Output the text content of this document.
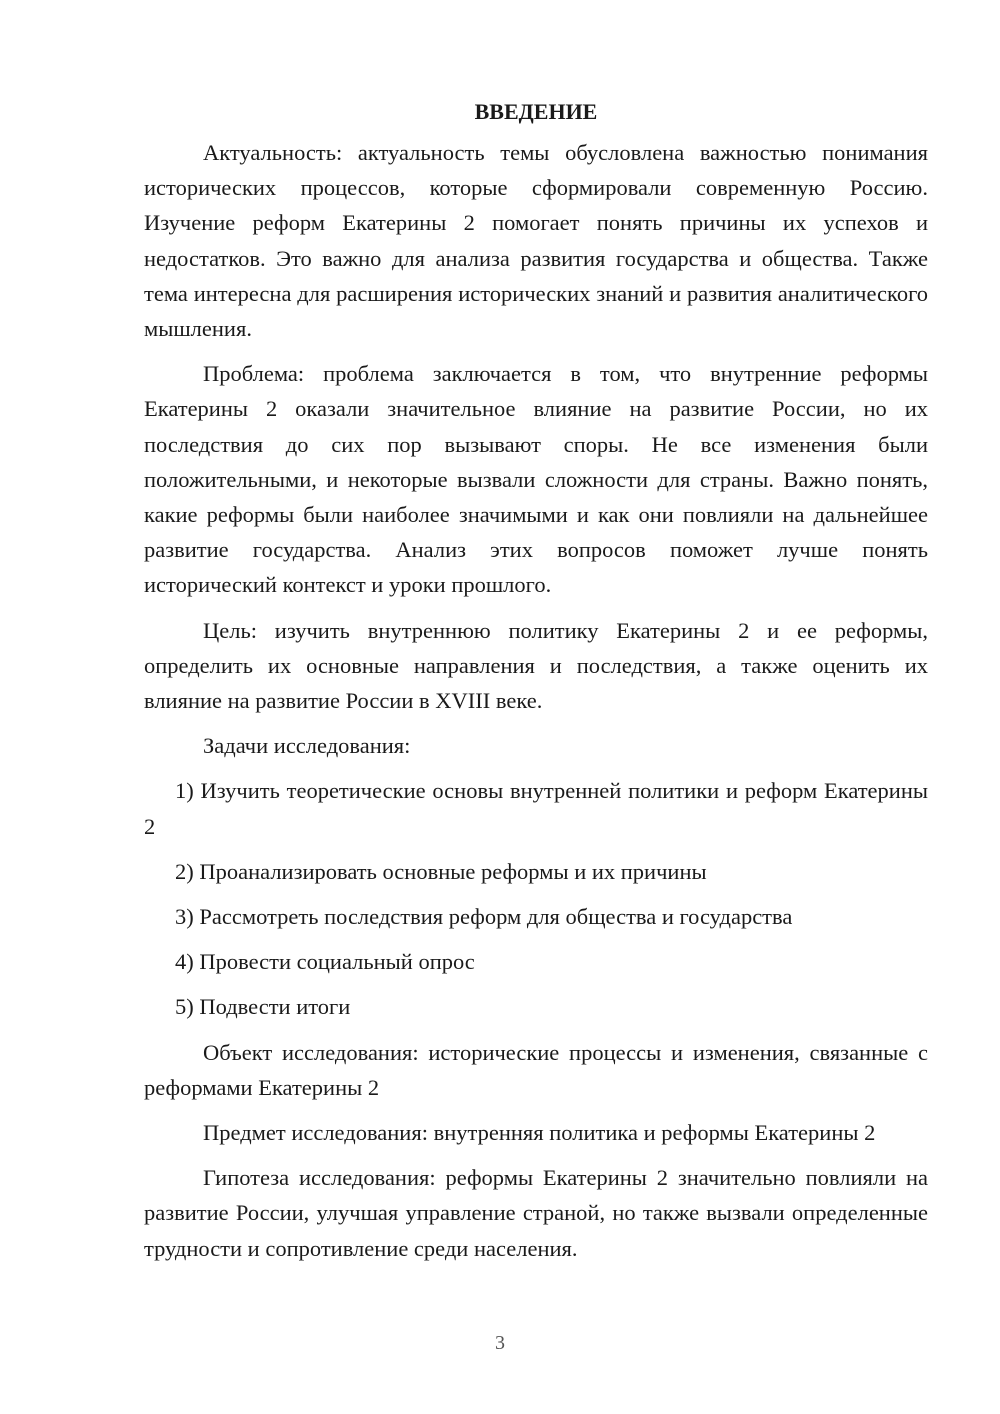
ВВЕДЕНИЕ

Актуальность: актуальность темы обусловлена важностью понимания исторических процессов, которые сформировали современную Россию. Изучение реформ Екатерины 2 помогает понять причины их успехов и недостатков. Это важно для анализа развития государства и общества. Также тема интересна для расширения исторических знаний и развития аналитического мышления.

Проблема: проблема заключается в том, что внутренние реформы Екатерины 2 оказали значительное влияние на развитие России, но их последствия до сих пор вызывают споры. Не все изменения были положительными, и некоторые вызвали сложности для страны. Важно понять, какие реформы были наиболее значимыми и как они повлияли на дальнейшее развитие государства. Анализ этих вопросов поможет лучше понять исторический контекст и уроки прошлого.

Цель: изучить внутреннюю политику Екатерины 2 и ее реформы, определить их основные направления и последствия, а также оценить их влияние на развитие России в XVIII веке.

Задачи исследования:

1) Изучить теоретические основы внутренней политики и реформ Екатерины 2

2) Проанализировать основные реформы и их причины

3) Рассмотреть последствия реформ для общества и государства

4) Провести социальный опрос

5) Подвести итоги

Объект исследования: исторические процессы и изменения, связанные с реформами Екатерины 2

Предмет исследования: внутренняя политика и реформы Екатерины 2

Гипотеза исследования: реформы Екатерины 2 значительно повлияли на развитие России, улучшая управление страной, но также вызвали определенные трудности и сопротивление среди населения.

3
